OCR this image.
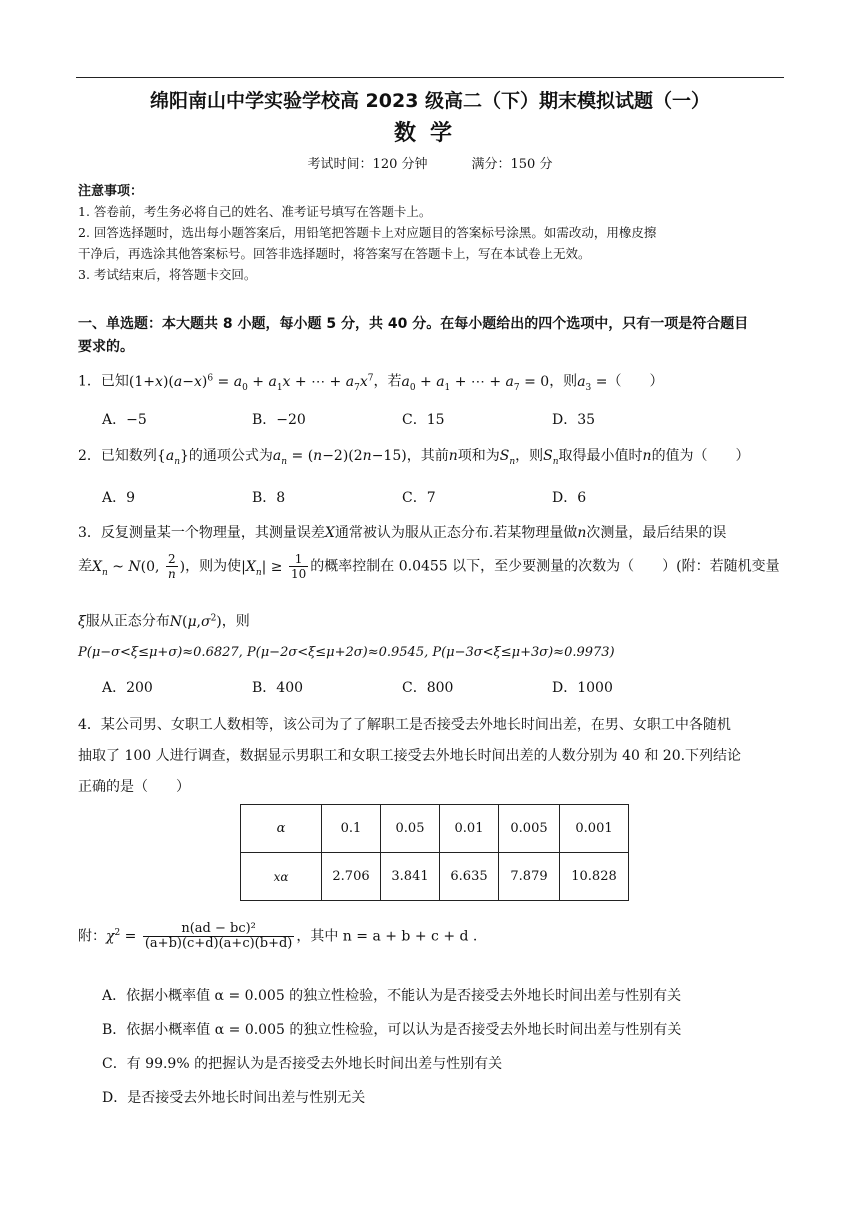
绵阳南山中学实验学校高 2023 级高二（下）期末模拟试题（一）
数学
考试时间：120 分钟	满分：150 分
注意事项：
1. 答卷前，考生务必将自己的姓名、准考证号填写在答题卡上。
2. 回答选择题时，选出每小题答案后，用铅笔把答题卡上对应题目的答案标号涂黑。如需改动，用橡皮擦
干净后，再选涂其他答案标号。回答非选择题时，将答案写在答题卡上，写在本试卷上无效。
3. 考试结束后，将答题卡交回。
一、单选题：本大题共 8 小题，每小题 5 分，共 40 分。在每小题给出的四个选项中，只有一项是符合题目
要求的。
1．已知$(1+x)(a-x)^6 = a_0 + a_1x$ + ⋯ + $a_7x^7$，若$a_0 + a_1$ + ⋯ + $a_7 = 0$，则$a_3$ =（　　）
A．−5	B．−20	C．15	D．35
2．已知数列$\{a_n\}$的通项公式为$a_n = (n-2)(2n-15)$，其前n项和为$S_n$，则$S_n$取得最小值时n的值为（　　）
A．9	B．8	C．7	D．6
3．反复测量某一个物理量，其测量误差X通常被认为服从正态分布.若某物理量做n次测量，最后结果的误
差$X_n$ ~ N(0, $\frac{2}{n}$ )，则为使$|X_n| \ge \frac{1}{10}$ 的概率控制在 0.0455 以下，至少要测量的次数为（　　）(附：若随机变量
ξ服从正态分布$N(\mu,\sigma^2)$，则
P(μ−σ<ξ≤μ+σ)≈0.6827, P(μ−2σ<ξ≤μ+2σ)≈0.9545, P(μ−3σ<ξ≤μ+3σ)≈0.9973)
A．200	B．400	C．800	D．1000
4．某公司男、女职工人数相等，该公司为了了解职工是否接受去外地长时间出差，在男、女职工中各随机
抽取了 100 人进行调查，数据显示男职工和女职工接受去外地长时间出差的人数分别为 40 和 20.下列结论
正确的是（　　）
α	0.1	0.05	0.01	0.005	0.001
xα	2.706	3.841	6.635	7.879	10.828
附：$\chi^2 = \frac{\text{n(ad − bc)²}}{(a+b)(c+d)(a+c)(b+d)}$ ，其中 n = a + b + c + d .
A．依据小概率值 α = 0.005 的独立性检验，不能认为是否接受去外地长时间出差与性别有关
B．依据小概率值 α = 0.005 的独立性检验，可以认为是否接受去外地长时间出差与性别有关
C．有 99.9% 的把握认为是否接受去外地长时间出差与性别有关
D．是否接受去外地长时间出差与性别无关
